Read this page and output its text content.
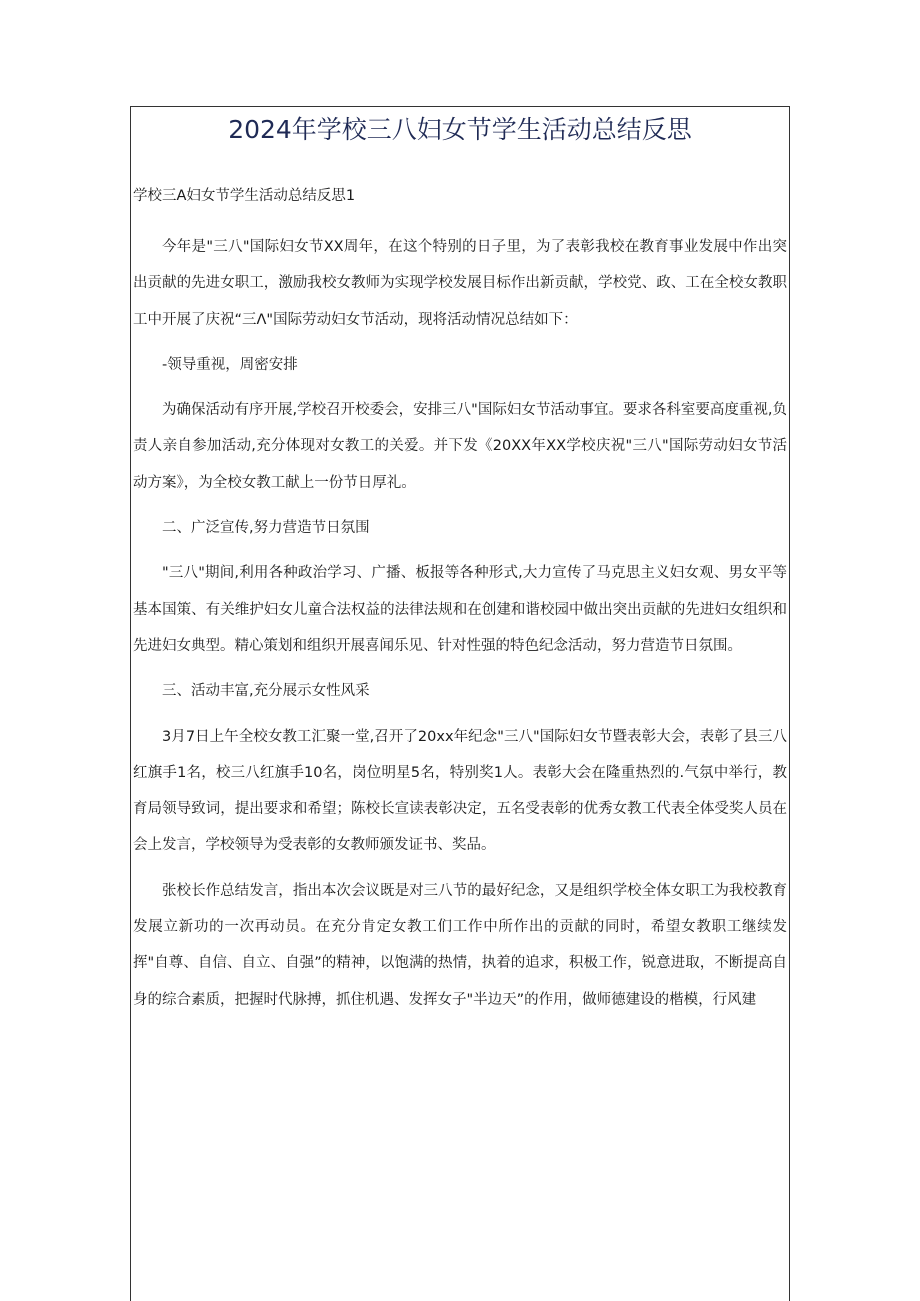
2024年学校三八妇女节学生活动总结反思

学校三A妇女节学生活动总结反思1

今年是"三八"国际妇女节XX周年，在这个特别的日子里，为了表彰我校在教育事业发展中作出突出贡献的先进女职工，激励我校女教师为实现学校发展目标作出新贡献，学校党、政、工在全校女教职工中开展了庆祝“三Λ"国际劳动妇女节活动，现将活动情况总结如下：

-领导重视，周密安排

为确保活动有序开展,学校召开校委会，安排三八"国际妇女节活动事宜。要求各科室要高度重视,负责人亲自参加活动,充分体现对女教工的关爱。并下发《20XX年XX学校庆祝"三八"国际劳动妇女节活动方案》，为全校女教工献上一份节日厚礼。

二、广泛宣传,努力营造节日氛围

"三八"期间,利用各种政治学习、广播、板报等各种形式,大力宣传了马克思主义妇女观、男女平等基本国策、有关维护妇女儿童合法权益的法律法规和在创建和谐校园中做出突出贡献的先进妇女组织和先进妇女典型。精心策划和组织开展喜闻乐见、针对性强的特色纪念活动，努力营造节日氛围。

三、活动丰富,充分展示女性风采

3月7日上午全校女教工汇聚一堂,召开了20xx年纪念"三八"国际妇女节暨表彰大会，表彰了县三八红旗手1名，校三八红旗手10名，岗位明星5名，特别奖1人。表彰大会在隆重热烈的.气氛中举行，教育局领导致词，提出要求和希望；陈校长宣读表彰决定，五名受表彰的优秀女教工代表全体受奖人员在会上发言，学校领导为受表彰的女教师颁发证书、奖品。

张校长作总结发言，指出本次会议既是对三八节的最好纪念，又是组织学校全体女职工为我校教育发展立新功的一次再动员。在充分肯定女教工们工作中所作出的贡献的同时，希望女教职工继续发挥"自尊、自信、自立、自强”的精神，以饱满的热情，执着的追求，积极工作，锐意进取，不断提高自身的综合素质，把握时代脉搏，抓住机遇、发挥女子"半边天”的作用，做师德建设的楷模，行风建
